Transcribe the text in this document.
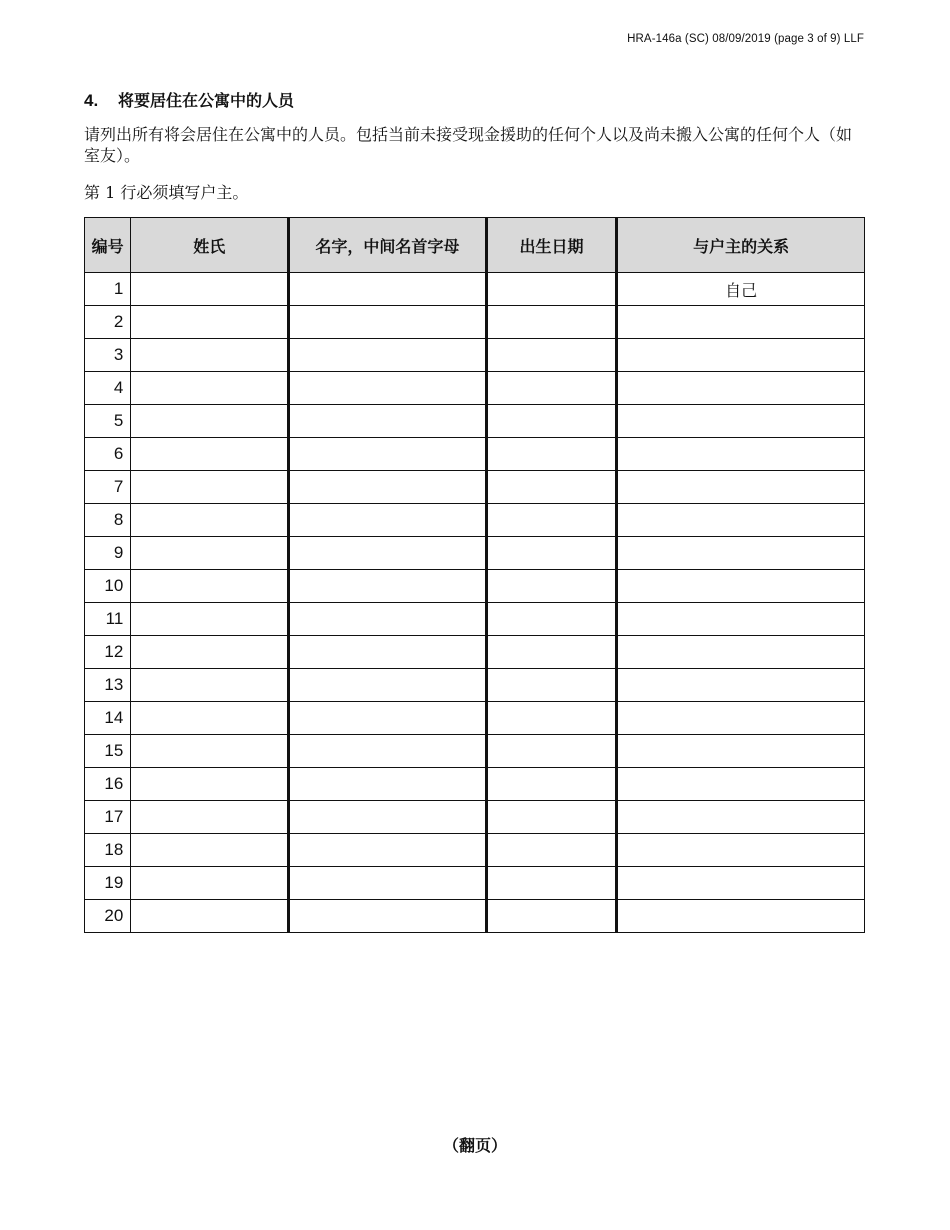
HRA-146a (SC) 08/09/2019 (page 3 of 9) LLF
4.	将要居住在公寓中的人员
请列出所有将会居住在公寓中的人员。包括当前未接受现金援助的任何个人以及尚未搬入公寓的任何个人（如室友）。
第 1 行必须填写户主。
编号	姓氏	名字，中间名首字母	出生日期	与户主的关系
1				自己
2				
3				
4				
5				
6				
7				
8				
9				
10				
11				
12				
13				
14				
15				
16				
17				
18				
19				
20				
（翻页）
